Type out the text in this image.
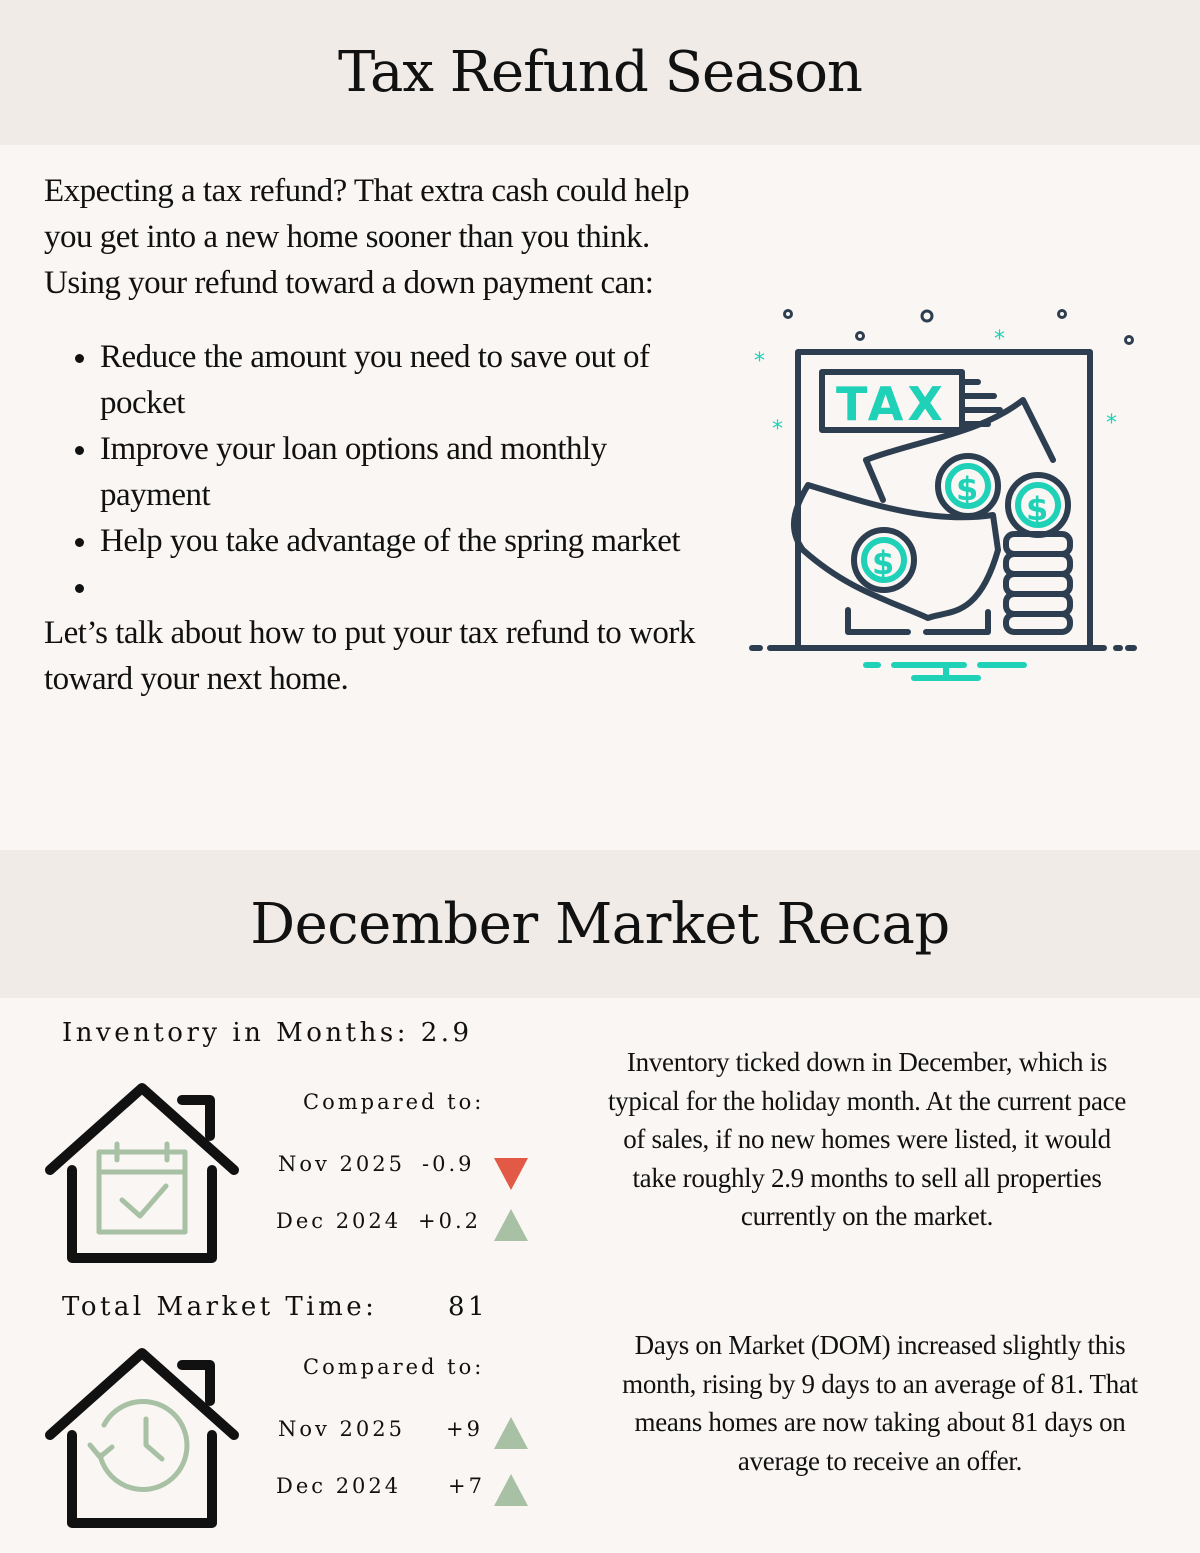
Tax Refund Season

Expecting a tax refund? That extra cash could help you get into a new home sooner than you think. Using your refund toward a down payment can:

• Reduce the amount you need to save out of pocket
• Improve your loan options and monthly payment
• Help you take advantage of the spring market
•

Let’s talk about how to put your tax refund to work toward your next home.

TAX
$
$
$
*
*
*
*
December Market Recap
Inventory in Months: 2.9
Compared to:
Nov 2025 -0.9
Dec 2024 +0.2
Inventory ticked down in December, which is typical for the holiday month. At the current pace of sales, if no new homes were listed, it would take roughly 2.9 months to sell all properties currently on the market.
Total Market Time:	81
Compared to:
Nov 2025 +9
Dec 2024 +7
Days on Market (DOM) increased slightly this month, rising by 9 days to an average of 81. That means homes are now taking about 81 days on average to receive an offer.
